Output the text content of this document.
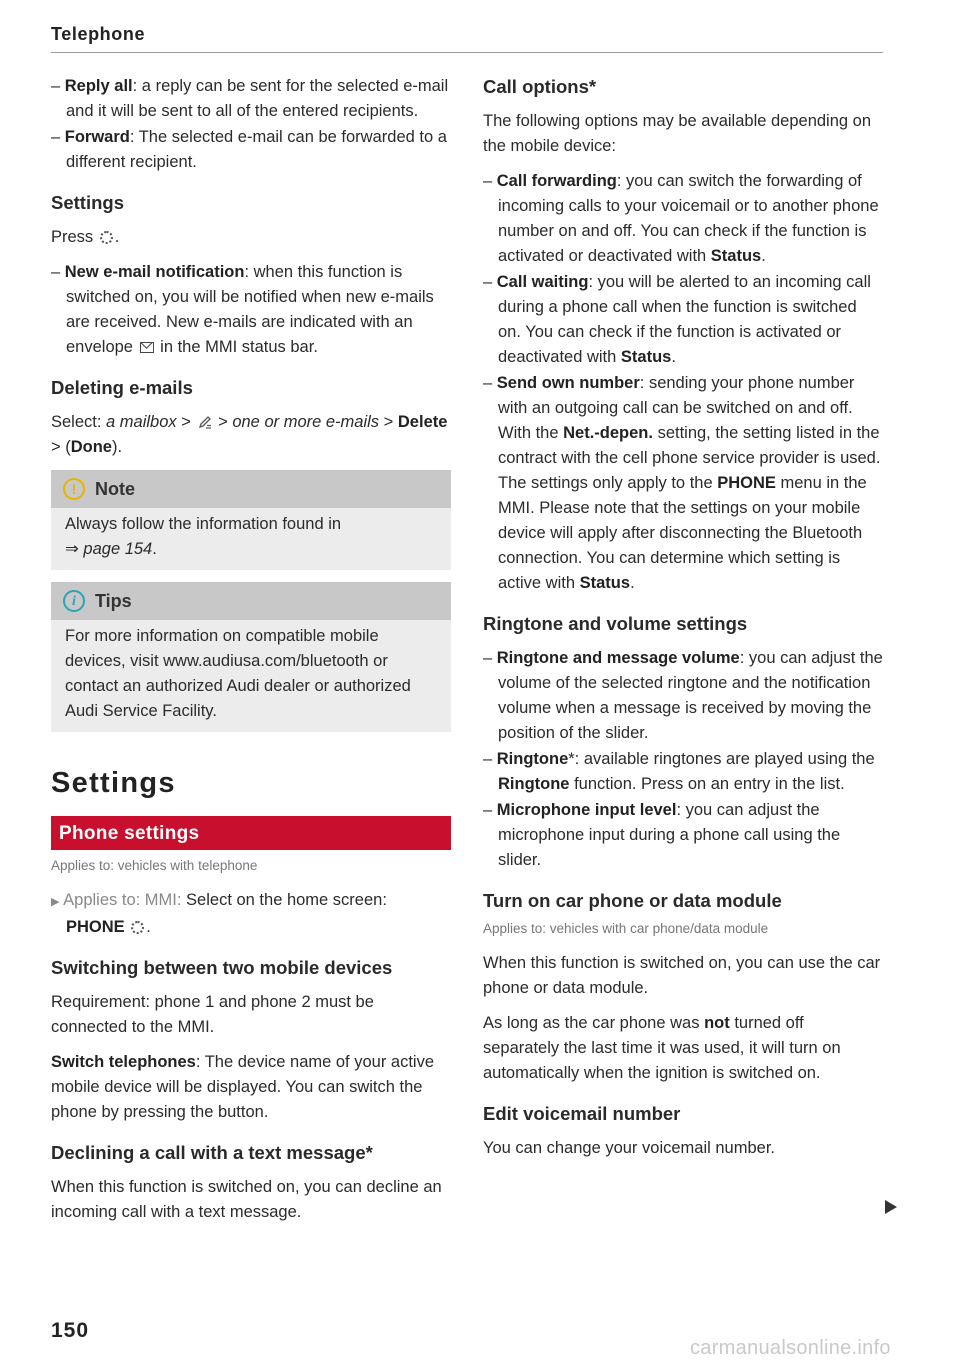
Telephone
– Reply all: a reply can be sent for the selected e-mail and it will be sent to all of the entered recipients.
– Forward: The selected e-mail can be forwarded to a different recipient.
Settings

Press .

– New e-mail notification: when this function is switched on, you will be notified when new e-mails are received. New e-mails are indicated with an envelope in the MMI status bar.
Deleting e-mails

Select: a mailbox > > one or more e-mails > Delete > (Done).

!	Note
Always follow the information found in
⇒ page 154.
i	Tips
For more information on compatible mobile devices, visit www.audiusa.com/bluetooth or contact an authorized Audi dealer or authorized Audi Service Facility.
Settings
Phone settings
Applies to: vehicles with telephone

▶ Applies to: MMI: Select on the home screen:
PHONE .

Switching between two mobile devices

Requirement: phone 1 and phone 2 must be connected to the MMI.

Switch telephones: The device name of your active mobile device will be displayed. You can switch the phone by pressing the button.

Declining a call with a text message*

When this function is switched on, you can decline an incoming call with a text message.

Call options*

The following options may be available depending on the mobile device:

– Call forwarding: you can switch the forwarding of incoming calls to your voicemail or to another phone number on and off. You can check if the function is activated or deactivated with Status.
– Call waiting: you will be alerted to an incoming call during a phone call when the function is switched on. You can check if the function is activated or deactivated with Status.
– Send own number: sending your phone number with an outgoing call can be switched on and off. With the Net.-depen. setting, the setting listed in the contract with the cell phone service provider is used. The settings only apply to the PHONE menu in the MMI. Please note that the settings on your mobile device will apply after disconnecting the Bluetooth connection. You can determine which setting is active with Status.
Ringtone and volume settings
– Ringtone and message volume: you can adjust the volume of the selected ringtone and the notification volume when a message is received by moving the position of the slider.
– Ringtone*: available ringtones are played using the Ringtone function. Press on an entry in the list.
– Microphone input level: you can adjust the microphone input during a phone call using the slider.
Turn on car phone or data module
Applies to: vehicles with car phone/data module

When this function is switched on, you can use the car phone or data module.

As long as the car phone was not turned off separately the last time it was used, it will turn on automatically when the ignition is switched on.

Edit voicemail number

You can change your voicemail number.

150
carmanualsonline.info
